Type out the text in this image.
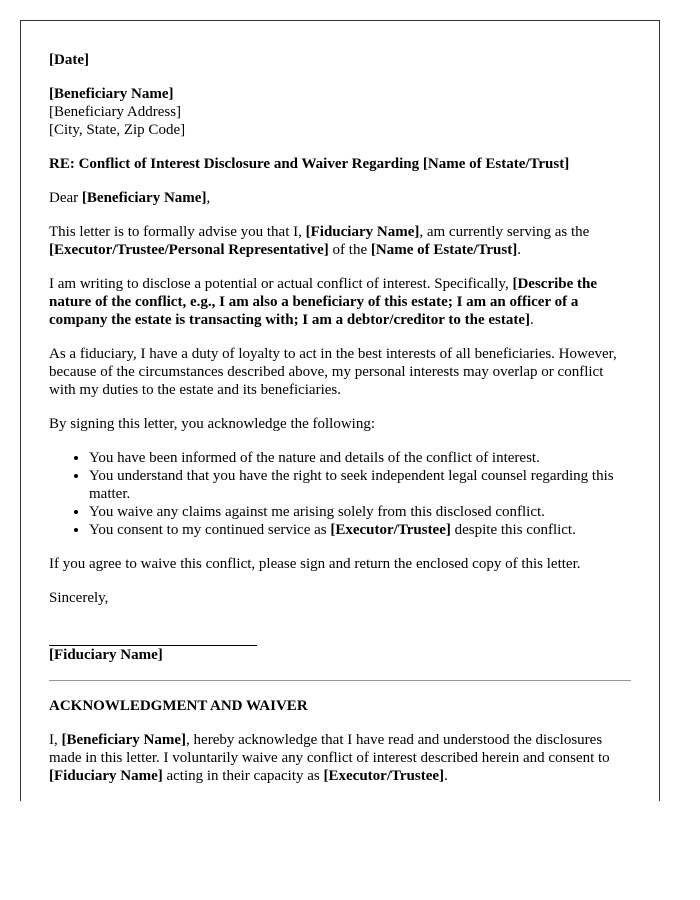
[Date]

[Beneficiary Name]

[Beneficiary Address]

[City, State, Zip Code]

RE: Conflict of Interest Disclosure and Waiver Regarding [Name of Estate/Trust]

Dear [Beneficiary Name],

This letter is to formally advise you that I, [Fiduciary Name], am currently serving as the [Executor/Trustee/Personal Representative] of the [Name of Estate/Trust].

I am writing to disclose a potential or actual conflict of interest. Specifically, [Describe the nature of the conflict, e.g., I am also a beneficiary of this estate; I am an officer of a company the estate is transacting with; I am a debtor/creditor to the estate].

As a fiduciary, I have a duty of loyalty to act in the best interests of all beneficiaries. However, because of the circumstances described above, my personal interests may overlap or conflict with my duties to the estate and its beneficiaries.

By signing this letter, you acknowledge the following:

• You have been informed of the nature and details of the conflict of interest.
• You understand that you have the right to seek independent legal counsel regarding this matter.
• You waive any claims against me arising solely from this disclosed conflict.
• You consent to my continued service as [Executor/Trustee] despite this conflict.

If you agree to waive this conflict, please sign and return the enclosed copy of this letter.

Sincerely,

[Fiduciary Name]

ACKNOWLEDGMENT AND WAIVER

I, [Beneficiary Name], hereby acknowledge that I have read and understood the disclosures made in this letter. I voluntarily waive any conflict of interest described herein and consent to [Fiduciary Name] acting in their capacity as [Executor/Trustee].
